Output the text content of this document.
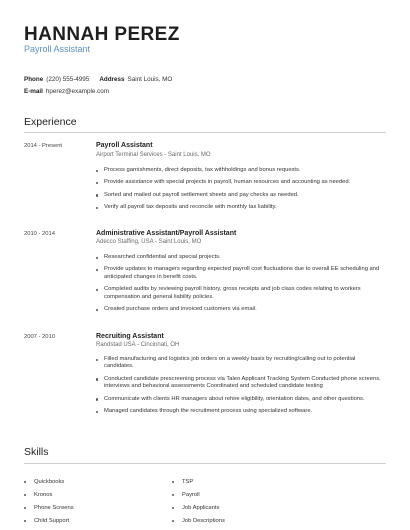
HANNAH PEREZ
Payroll Assistant
Phone (220) 555-4995 Address Saint Louis, MO
E-mail hperez@example.com
Experience
2014 - Present	Payroll Assistant
Airport Terminal Services - Saint Louis, MO
Process garnishments, direct deposits, tax withholdings and bonus requests.
Provide assistance with special projects in payroll, human resources and accounting as needed.
Sorted and mailed out payroll settlement sheets and pay checks as needed.
Verify all payroll tax deposits and reconcile with monthly tax liability.
2010 - 2014	Administrative Assistant/Payroll Assistant
Adecco Staffing, USA - Saint Louis, MO
Researched confidential and special projects.
Provide updates to managers regarding expected payroll cost fluctuations due to overall EE scheduling and anticipated changes in benefit costs.
Completed audits by reviewing payroll history, gross receipts and job class codes relating to workers compensation and general liability policies.
Created purchase orders and invoiced customers via email.
2007 - 2010	Recruiting Assistant
Randstad USA - Cincinnati, OH
Filled manufacturing and logistics job orders on a weekly basis by recruiting/calling out to potential candidates.
Conducted candidate prescreening process via Taleo Applicant Tracking System Conducted phone screens, interviews and behavioral assessments Coordinated and scheduled candidate testing
Communicate with clients HR managers about rehire eligibility, orientation dates, and other questions.
Managed candidates through the recruitment process using specialized software.
Skills
Quickbooks
Kronos
Phone Screens
Child Support
TSP
Payroll
Job Applicants
Job Descriptions
